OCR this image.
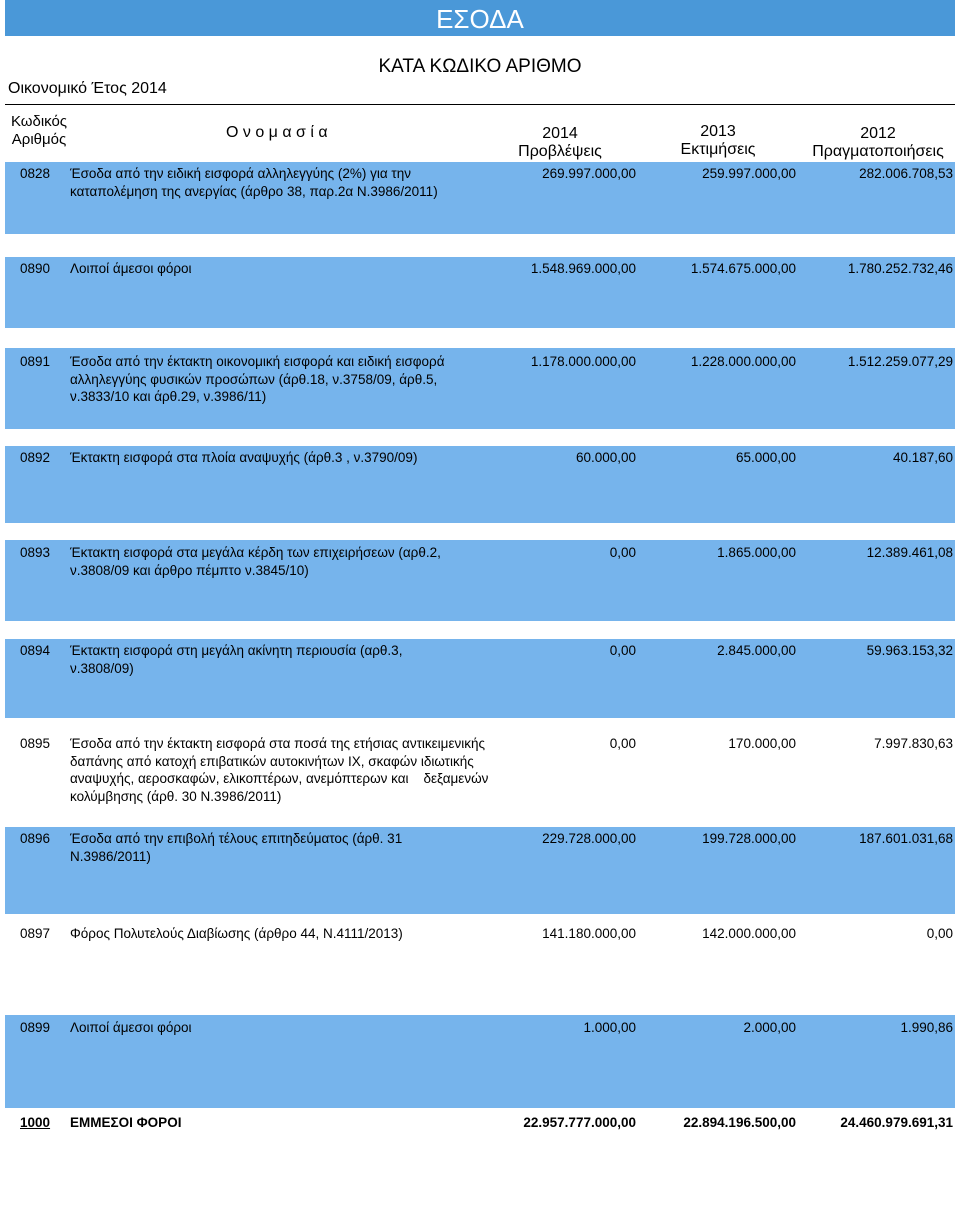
ΕΣΟΔΑ
ΚΑΤΑ ΚΩΔΙΚΟ ΑΡΙΘΜΟ
Οικονομικό Έτος 2014
Κωδικός
Αριθμός	Ο ν ο μ α σ ί α	2014
Προβλέψεις
2013
Εκτιμήσεις
2012
Πραγματοποιήσεις
0828 Έσοδα από την ειδική εισφορά αλληλεγγύης (2%) για την καταπολέμηση της ανεργίας (άρθρο 38, παρ.2α Ν.3986/2011)
269.997.000,00	259.997.000,00	282.006.708,53
0890 Λοιποί άμεσοι φόροι	1.548.969.000,00	1.574.675.000,00	1.780.252.732,46
0891 Έσοδα από την έκτακτη οικονομική εισφορά και ειδική εισφορά αλληλεγγύης φυσικών προσώπων (άρθ.18, ν.3758/09, άρθ.5, ν.3833/10 και άρθ.29, ν.3986/11)
1.178.000.000,00	1.228.000.000,00	1.512.259.077,29
0892 Έκτακτη εισφορά στα πλοία αναψυχής (άρθ.3 , ν.3790/09)	60.000,00	65.000,00	40.187,60
0893 Έκτακτη εισφορά στα μεγάλα κέρδη των επιχειρήσεων (αρθ.2, ν.3808/09 και άρθρο πέμπτο ν.3845/10)
0,00	1.865.000,00	12.389.461,08
0894 Έκτακτη εισφορά στη μεγάλη ακίνητη περιουσία (αρθ.3, ν.3808/09)
0,00	2.845.000,00	59.963.153,32
0895 Έσοδα από την έκτακτη εισφορά στα ποσά της ετήσιας αντικειμενικής δαπάνης από κατοχή επιβατικών αυτοκινήτων ΙΧ, σκαφών ιδιωτικής αναψυχής, αεροσκαφών, ελικοπτέρων, ανεμόπτερων και    δεξαμενών κολύμβησης (άρθ. 30 Ν.3986/2011)
0,00	170.000,00	7.997.830,63
0896 Έσοδα από την επιβολή τέλους επιτηδεύματος (άρθ. 31 Ν.3986/2011)
229.728.000,00	199.728.000,00	187.601.031,68
0897 Φόρος Πολυτελούς Διαβίωσης (άρθρο 44, Ν.4111/2013)	141.180.000,00	142.000.000,00	0,00
0899 Λοιποί άμεσοι φόροι	1.000,00	2.000,00	1.990,86
1000 ΕΜΜΕΣΟΙ ΦΟΡΟΙ	22.957.777.000,00	22.894.196.500,00	24.460.979.691,31
